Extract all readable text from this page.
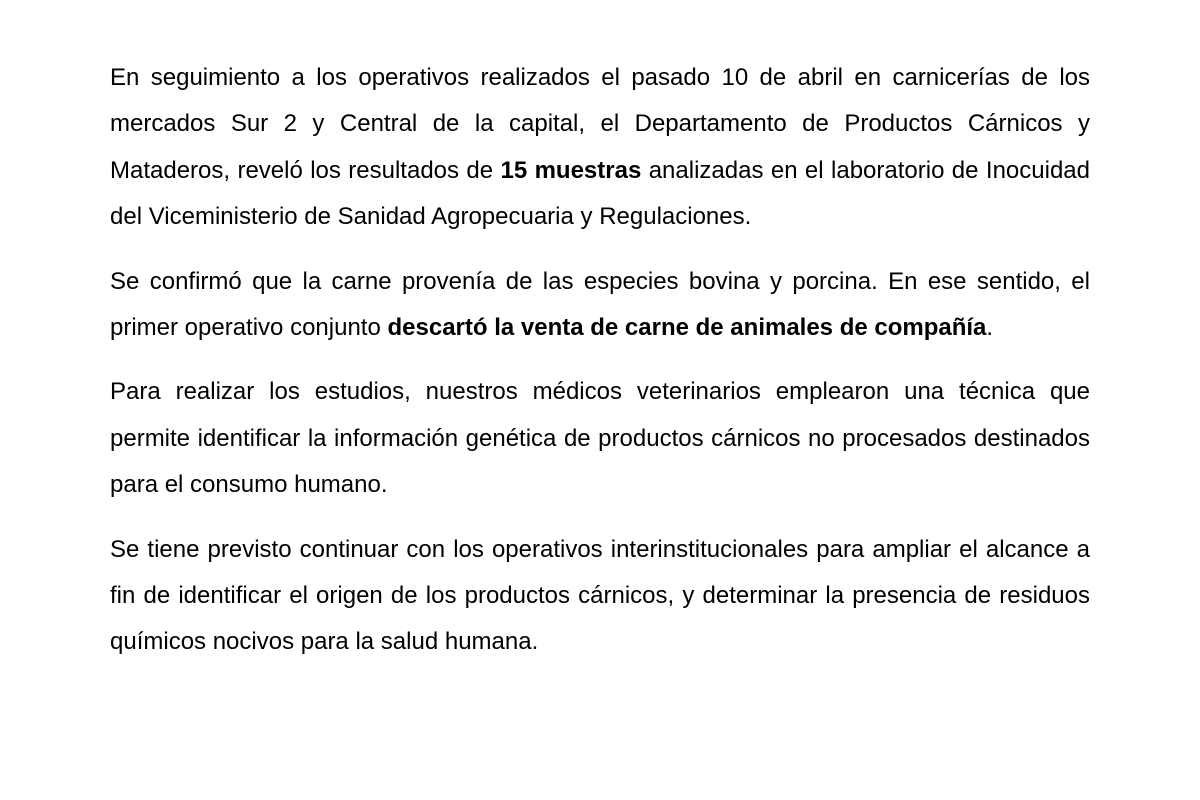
En seguimiento a los operativos realizados el pasado 10 de abril en carnicerías de los mercados Sur 2 y Central de la capital, el Departamento de Productos Cárnicos y Mataderos, reveló los resultados de 15 muestras analizadas en el laboratorio de Inocuidad del Viceministerio de Sanidad Agropecuaria y Regulaciones.

Se confirmó que la carne provenía de las especies bovina y porcina. En ese sentido, el primer operativo conjunto descartó la venta de carne de animales de compañía.

Para realizar los estudios, nuestros médicos veterinarios emplearon una técnica que permite identificar la información genética de productos cárnicos no procesados destinados para el consumo humano.

Se tiene previsto continuar con los operativos interinstitucionales para ampliar el alcance a fin de identificar el origen de los productos cárnicos, y determinar la presencia de residuos químicos nocivos para la salud humana.
